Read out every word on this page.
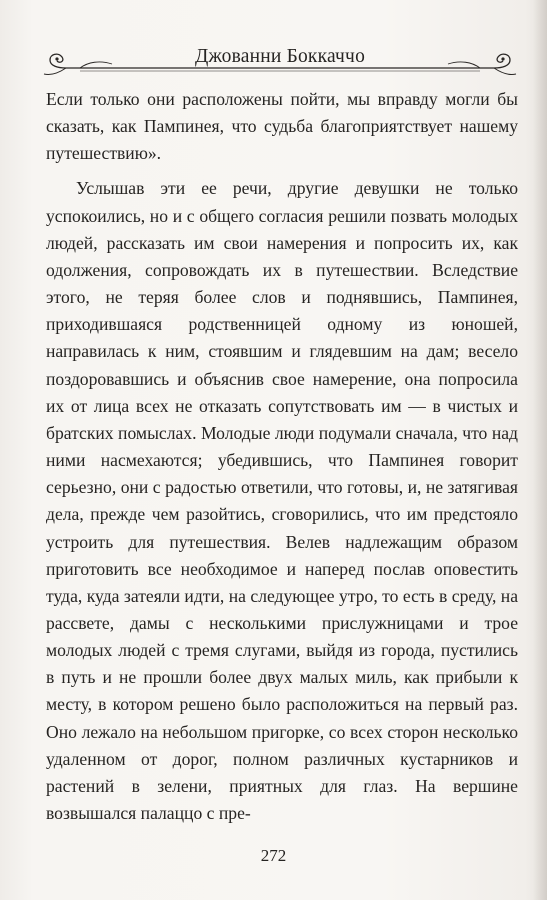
Джованни Боккаччо

Если только они расположены пойти, мы вправду могли бы сказать, как Пампинея, что судьба благоприятствует нашему путешествию».

Услышав эти ее речи, другие девушки не только успокоились, но и с общего согласия решили позвать молодых людей, рассказать им свои намерения и попросить их, как одолжения, сопровождать их в путешествии. Вследствие этого, не теряя более слов и поднявшись, Пампинея, приходившаяся родственницей одному из юношей, направилась к ним, стоявшим и глядевшим на дам; весело поздоровавшись и объяснив свое намерение, она попросила их от лица всех не отказать сопутствовать им — в чистых и братских помыслах. Молодые люди подумали сначала, что над ними насмехаются; убедившись, что Пампинея говорит серьезно, они с радостью ответили, что готовы, и, не затягивая дела, прежде чем разойтись, сговорились, что им предстояло устроить для путешествия. Велев надлежащим образом приготовить все необходимое и наперед послав оповестить туда, куда затеяли идти, на следующее утро, то есть в среду, на рассвете, дамы с несколькими прислужницами и трое молодых людей с тремя слугами, выйдя из города, пустились в путь и не прошли более двух малых миль, как прибыли к месту, в котором решено было расположиться на первый раз. Оно лежало на небольшом пригорке, со всех сторон несколько удаленном от дорог, полном различных кустарников и растений в зелени, приятных для глаз. На вершине возвышался палаццо с пре-

272
